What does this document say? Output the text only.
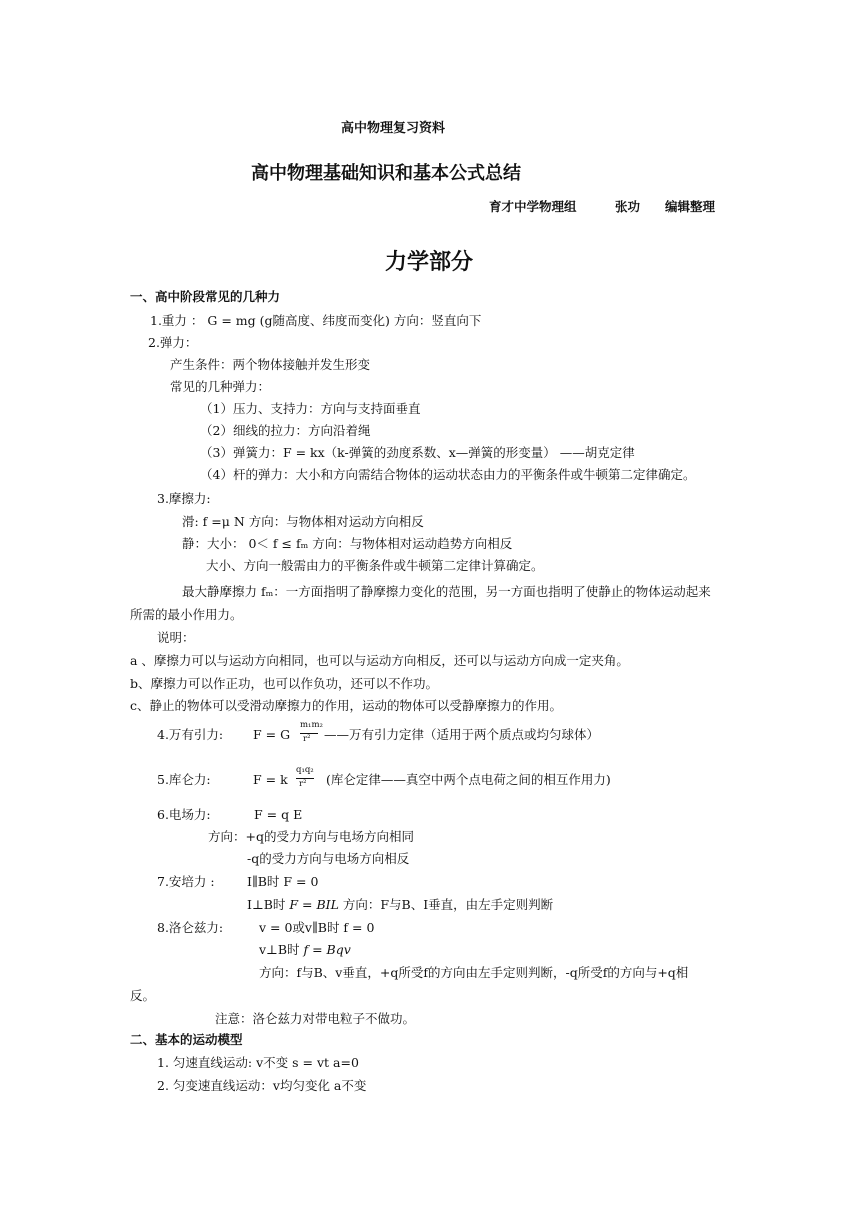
高中物理复习资料
高中物理基础知识和基本公式总结
育才中学物理组	张功 编辑整理
力学部分
一、高中阶段常见的几种力
1.重力 ： G = mg (g随高度、纬度而变化) 方向：竖直向下
2.弹力：
产生条件：两个物体接触并发生形变
常见的几种弹力：
（1）压力、支持力：方向与支持面垂直
（2）细线的拉力：方向沿着绳
（3）弹簧力：F = kx（k-弹簧的劲度系数、x—弹簧的形变量） ——胡克定律
（4）杆的弹力：大小和方向需结合物体的运动状态由力的平衡条件或牛顿第二定律确定。
3.摩擦力:
滑: f =μ N 方向：与物体相对运动方向相反
静：大小： 0＜ f ≤ fₘ 方向：与物体相对运动趋势方向相反
大小、方向一般需由力的平衡条件或牛顿第二定律计算确定。
最大静摩擦力 fₘ：一方面指明了静摩擦力变化的范围，另一方面也指明了使静止的物体运动起来
所需的最小作用力。
说明：
a 、摩擦力可以与运动方向相同，也可以与运动方向相反，还可以与运动方向成一定夹角。
b、摩擦力可以作正功，也可以作负功，还可以不作功。
c、静止的物体可以受滑动摩擦力的作用，运动的物体可以受静摩擦力的作用。
4.万有引力: F = G
m₁m₂
r² ——万有引力定律（适用于两个质点或均匀球体）
5.库仑力:	F = k
q₁q₂
r² (库仑定律——真空中两个点电荷之间的相互作用力)
6.电场力:	F = q E
方向：+q的受力方向与电场方向相同
-q的受力方向与电场方向相反
7.安培力 :	I∥B时 F = 0
I⊥B时 F = BIL 方向：F与B、I垂直，由左手定则判断
8.洛仑兹力:	v = 0或v∥B时 f = 0
v⊥B时 f = Bqv
方向：f与B、v垂直，+q所受f的方向由左手定则判断，-q所受f的方向与+q相
反。
注意：洛仑兹力对带电粒子不做功。
二、基本的运动模型
1. 匀速直线运动: v不变 s = vt a=0
2. 匀变速直线运动：v均匀变化 a不变
